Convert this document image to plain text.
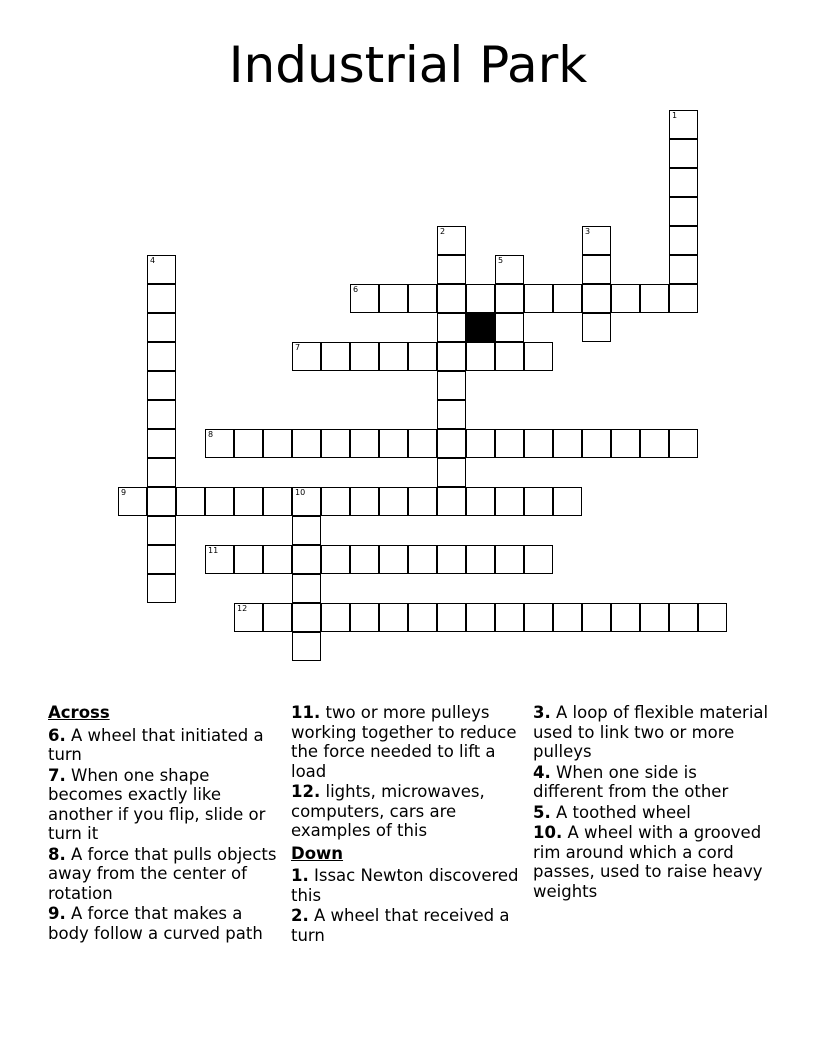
Industrial Park
1
2	3
4	5
6
7
8
9	10
11
12
Across
6. A wheel that initiated a turn
7. When one shape becomes exactly like another if you flip, slide or turn it
8. A force that pulls objects away from the center of rotation
9. A force that makes a body follow a curved path
11. two or more pulleys working together to reduce the force needed to lift a load
12. lights, microwaves, computers, cars are examples of this
Down
1. Issac Newton discovered this
2. A wheel that received a turn
3. A loop of flexible material used to link two or more pulleys
4. When one side is different from the other
5. A toothed wheel
10. A wheel with a grooved rim around which a cord passes, used to raise heavy weights
